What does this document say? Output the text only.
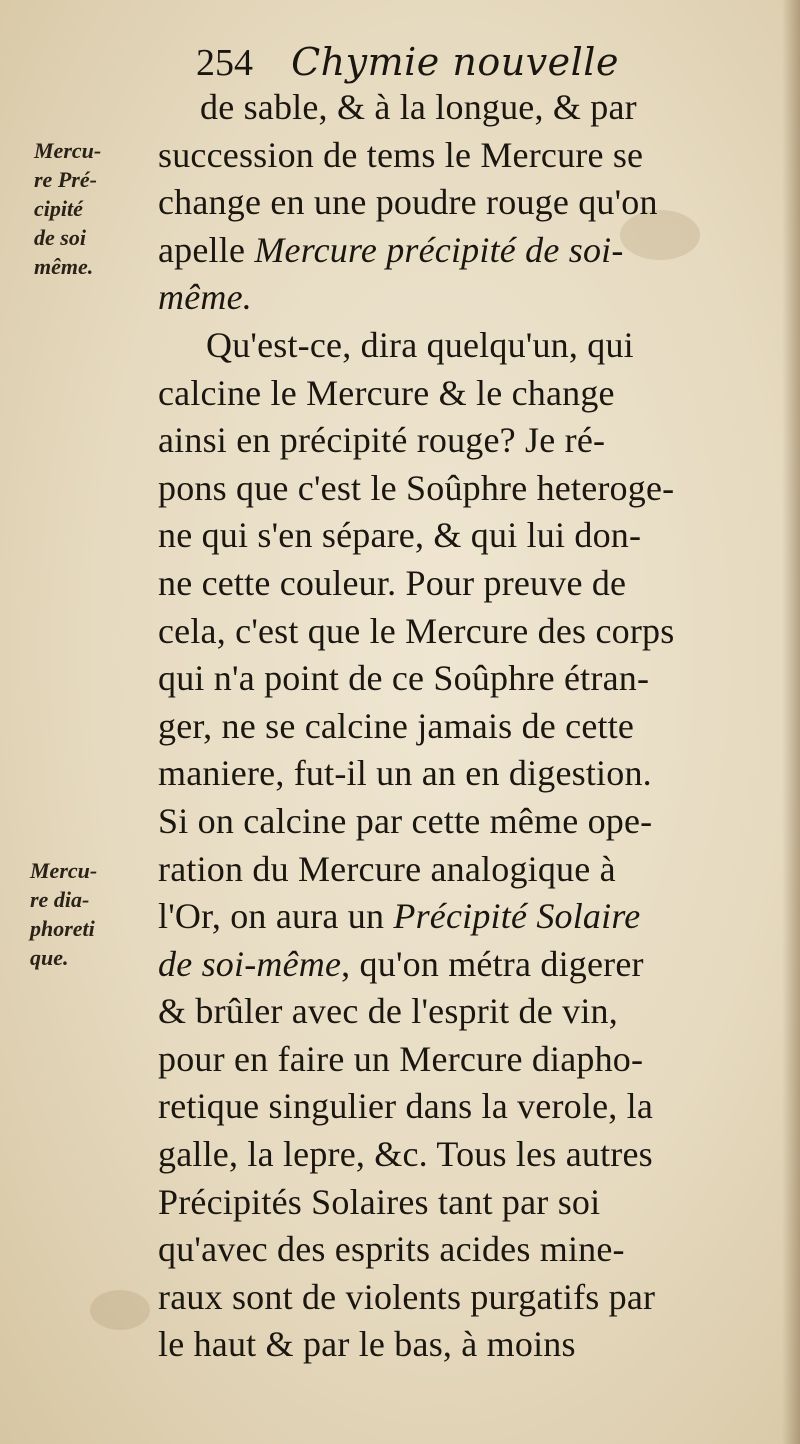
254 Chymie nouvelle
Mercu-
re Pré-
cipité
de soi
même.
Mercu-
re dia-
phoreti
que.
de sable, & à la longue, & par
succession de tems le Mercure se
change en une poudre rouge qu'on
apelle Mercure précipité de soi-
même.
Qu'est-ce, dira quelqu'un, qui
calcine le Mercure & le change
ainsi en précipité rouge? Je ré-
pons que c'est le Soûphre heteroge-
ne qui s'en sépare, & qui lui don-
ne cette couleur. Pour preuve de
cela, c'est que le Mercure des corps
qui n'a point de ce Soûphre étran-
ger, ne se calcine jamais de cette
maniere, fut-il un an en digestion.
Si on calcine par cette même ope-
ration du Mercure analogique à
l'Or, on aura un Précipité Solaire
de soi-même, qu'on métra digerer
& brûler avec de l'esprit de vin,
pour en faire un Mercure diapho-
retique singulier dans la verole, la
galle, la lepre, &c. Tous les autres
Précipités Solaires tant par soi
qu'avec des esprits acides mine-
raux sont de violents purgatifs par
le haut & par le bas, à moins
